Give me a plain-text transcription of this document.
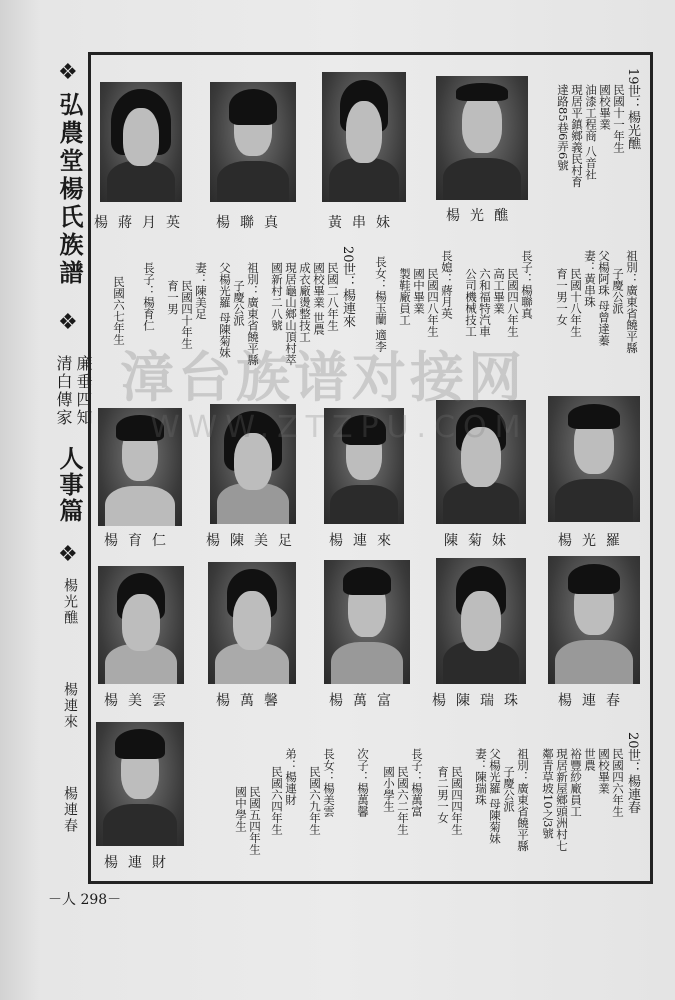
❖
弘農堂楊氏族譜
❖
廉垂四知
清白傳家
人事篇
❖
楊光醮
楊連來
楊連春
楊光醮
黃串妹
楊聯真
楊蔣月英
19世：楊光醮
民國十一年生
國校畢業
油漆工程商 八音社
現居平鎮鄉義民村育
達路85巷6弄6號
祖別：廣東省饒平縣
子慶公派
父楊阿珠 母曾達蓁
妻：黃串珠
民國十八年生
育一男一女
長子：楊聯真
民國四八年生
高工畢業
六和福特汽車
公司機械技工
長媳：蔣月英
民國四八年生
國中畢業
製鞋廠員工
長女：楊玉蘭 適李
20世：楊連來
民國二八年生
國校畢業 世農
成衣廠燙整技工
現居龜山鄉山頂村萃
國新村二八號
祖別：廣東省饒平縣
子慶公派
父楊光羅 母陳菊妹
妻：陳美足
民國四十年生
育一男
長子：楊育仁
民國六七年生
楊光羅
陳菊妹
楊連來
楊陳美足
楊育仁
楊連春
楊陳瑞珠
楊萬富
楊萬馨
楊美雲
楊連財
20世：楊連春
民國四六年生
國校畢業
世農
裕豐紗廠員工
現居新屋鄉頭洲村七
鄰青草坡10之3號
祖別：廣東省饒平縣
子慶公派
父楊光羅 母陳菊妹
妻：陳瑞珠
民國四四年生
育二男一女
長子：楊萬富
民國六二年生
國小學生
次子：楊萬馨
長女：楊美雲
民國六九年生
弟：楊連財
民國六四年生
民國五四年生
國中學生
漳台族谱对接网
WWW.ZTZPU.COM
－人 298－
